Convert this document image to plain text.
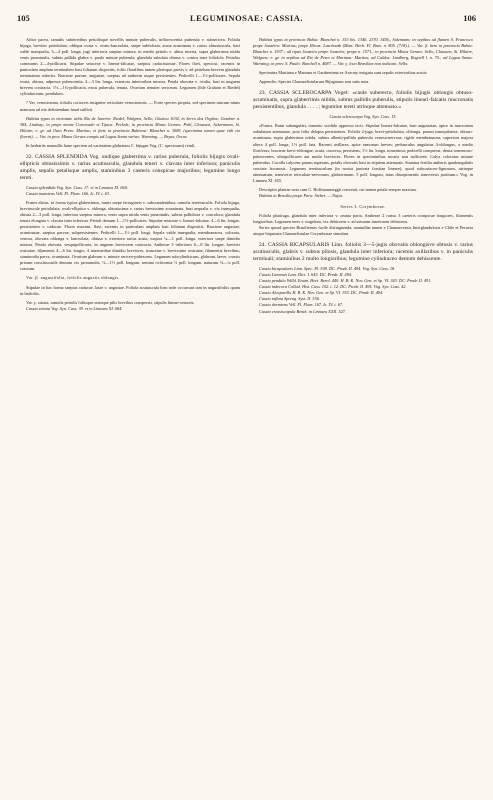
105	LEGUMINOSAE: CASSIA.	106

Arbor parva, ramulis subteretibus petiolisque novellis minute puberulis, inflorescentia puberula v. subsericea. Foliola bijuga, breviter petiolulata, obliqua ovata v. ovato-lanceolata, saepe subfalcata, acuta acuminata v. rarius obtusiuscula, basi valde inaequalia, 3—4 poll. longa, jugi inferioris saepius minora, in medio petiolo v. altius inserta, supra glaberrima nitida venis prominulis, subtus pallida glabra v. paulo minute puberula; glandula subulata obtusa v. conica inter foliolola. Petiolus communis 2—4-pollicaris. Stipulae setaceae v. lineari-falcatae, saepius caducissimae. Flores flavi, speciosi, racemis in paniculam amplam terminalem basi foliatam dispositis, foliis floralibus tamen plerisque parvis v. ad petiolum brevem glandula terminatum redactis. Bracteae parvae, angustae, saepius ad anthesin usque persistentes. Pedicelli 1—1½-pollicares. Sepala ovata, obtusa, adpresse pubescentia, 2—3 lin. longa, exteriora interioribus minora. Petala obovata v. ovalia, basi in unguem brevem contracta, 1½—1¾-pollicaria, extus puberula, tenuia. Ovarium tenuiter sericeum. Legumen (fide Graham et Riedel) cylindraceum, pendulum.

? Var. venosissima, foliolis coriaceis insigniter reticulato-venosissimis. — Forte species propria, sed specimen unicum nimis mancum ad rite definiendum haud sufficit.

Habitat typus in vicinitate urbis Rio de Janeiro: Riedel, Widgren, Sello, Glaziou 1034, in Serra dos Orgãos; Gardner n. 384, Lindsay; in prope monte Corcovado et Tijuca: Peckolt; in provincia Minas Geraes: Pohl, Claussen, Ackermann, St. Hilaire; e. gr. ad Ouro Preto: Martius; et forte in provincia Bahiensi: Blanchet n. 3085. (specimina tamen quae vidi vix florent). — Var. in prov. Minas Geraes campis ad Lagoa Santa varias: Warming. — Bryas, Orcas.

In herbariis nonnullis hane speciem ad varietatem glabratam C. bijugae Vog. (C. speciosam) retuli.

22. CASSIA SPLENDIDA Vog. undique glaberrima v. rarius puberula, foliolis bijugis ovali-ellipticis obtusissimis v. rarius acutiusculis, glandula teneri v. clavata inter inferiora; paniculis amplis, sepalis petalisque amplis, staminibus 3 casteris conspicue majoribus; legumine longo tereti.

Cassia splendida Vog. Syn. Cass. 17. et in Linnaea XI. 660.

Cassia mansiens Vell. Fl. Flum. 166. Ic. IV. t. 63.

Frutex elatus, in forma typica glaberrimus, ramis saepe ferrugineis v. subscandentibus, ramulis teretiusculis. Foliola bijuga, breviuscule petiolulata, ovali-elliptica v. oblonga, obtusissima v. rarius brevissime acuminata, basi aequalia v. vix inaequalia, obtusa 2—3 poll. longa, inferiora saepius minora, venis supra nitida venis prominulis, subtus pallidiora v. concolora; glandula tenuis elongata v. clavata inter inferiora. Petioli demum 1—1½-pollicares. Stipulae setaceae v. lineari-falcatae, 4—6 lin. longae, persistentes v. caducae. Flores maximi, flavi, racemis in paniculam amplam basi foliatam dispositis. Bracteae angustae, acuminatae, saepius parvae, subpersistentes. Pedicelli 1—1½ poll. longi. Sepala valde inaequalia, membranacea, colorata, venosa, obovata oblonga v. lanceolata, obtusa v. exteriora rarius acuta, majora ¼—1 poll. longa, exteriora saepe dimidio minora. Petala obovata, sesquipollicaria, in unguem breviorem contracta. Antherae 3 inferiores 6—8 lin. longae, breviter rostratae, filamentis 4—6 lin. longis; 4 intermediae dimidio breviores, truncatae v. brevissime rostratae, filamentis brevibus; staminodia parva, acuminata. Ovarium glabrum v. minute sericeo-pubescens. Legumen subcylindricum, glabrum, laeve, crassis prioum crassinscusile demum vix prominulis, ⅓—1½ poll. longum, semina oviformia ⅓ poll. longum, naturum ⅛—¼ poll. crassum.

Var. β. angustifolia, foliolis angustis oblongis.

Stipulae in hac forma saepius caducae, latae v. angustae. Foliola acutiuscula hinc inde occurrunt tam in angustifoliis quam in latifoliis.

Var. γ. striata, ramulis petiolis foliisque utrinque pilis brevibus conspersis, stipulis lineari-setaceis.

Cassia striata Vog. Syn. Cass. 39. et in Linnaea XI. 684.

Habitat typus in provincia Bahia: Blanchet n. 153 bis. 1346. 2370. 3456., Salzmann; in sepibus ad flumen S. Francisco prope Joazeiro: Martius; prope Ilheus: Luschnath (Mart. Herb. Fl. Bras. n. 805. (718).). — Var. β. item in provincia Bahia: Blanchet n. 1937.; ad ripas Joazeiro prope Joazeiro; prope n. 1571.; in provincia Minas Geraes: Sello, Claussen, St. Hilaire, Widgren; e. gr. in sepibus ad Rio de Petro et Mariana: Martius; ad Caldas: Lindberg, Regnell l. n. 70.; ad Lagoa Santa: Warming; in prov. S. Paulo: Burchell n. 4687. — Var. γ. loco Brasiliae non indicato: Sello.

Specimina Martiana e Mariana et Gardneriana ex Aracaty insignia sunt sepalis exterioribus acutis.

Appendix: Species Chamaefistularum Bijugarum non satis nota.

23. CASSIA SCLEROCARPA Vogel: «caule suberecto, foliolis bijugis oblongis obtuso-acuminatis, supra glaberrimis nitidis, subtus pallidis puberulis, stipulis lineari-falcatis mucronatis persistentibus, glandula . . . . ; legumine tereti utrinque attenuato.»

Cassia sclerocarpa Vog. Syn. Cass. 15.

«Frutex. Rami subangulati, tomento sordido appresso tecti. Stipulae lineari-falcatae, basi angustatae, apice in mucronem subulatum attenuatae, post folia delapsa persistentes. Foliola 2-juga, brevi-petiolulata, oblonga, parum inaequilatera, obtuso-acuminata, supra glaberrima nitida, subtus albenti-pallida puberula venosa-nervosa, rigide membranacea, superiora majora altera 4 poll. longa, 1½ poll. lata. Racemi axillares, apice ramorum breves; pedunculus angulatus 4-oblongus, a medio floriferus; bracteae brevi-oblongae, acuta, convexa, persistens, 1½ lin. longa, tomentosa; pedicelli compressi, densa tomentoso-pubescentes, ultrapollicares aut multo breviores. Flores in speciminibus nostris non sufficient. Calyx coloratus minute puberulus. Corolla calycem parum superans, petalis obovatis basi in stipitem attenuatis. Stamina fertilia antheris quadrangulatis cruciate lacunosis. Legumen teretiusculum (in nostra junioria forsitan lineare), quod subcoriaceo-lignosum, utrinque attenuatum, transverse reticulato-nervosum, glaberrimum, 5 poll. longum, intus dissepimentis transversis partitum.» Vog. in Linnaea XI. 655.

Descriptio plantae nota cum C. Hoffmannseggii convenit, cui tamen petala semper maxima.

Habitat in Brasilia prope Para: Sieber. — Najas.

Series 3. Corymbosae.

Foliola pluriiuga, glandula inter inferiora v. omnia paria. Antherae 2 rarius 3 caeteris conspicue longiores, filamentis longioribus. Legumen teres v. turgidum, vix dehiscens v. ad suturam interiorem dehiscens.

Series quoad species Brasilienses facile distinguenda, nonnullae tamen e Chamaecensis Interglandulosis e Chile et Peruvia atoque biquinaia Chamaefistulae Corymbosae simulant.

24. CASSIA BICAPSULARIS Linn. foliolis 3—5-jugis obovatis oblongisve obtusis v. rarius acutiusculis, glabris v. subtus pilosis, glandula inter inferiora; racemis axillaribus v. in paniculis terminali; staminibus 2 multo longioribus; legumine cylindraceo demum dehiscente.

Cassia bicapsularis Linn. Spec. Pl. 538. DC. Prodr. II. 494. Vog. Syn. Cass. 18.

Cassia Limensis Lam. Dict. I. 643. DC. Prodr. II. 494.

Cassia pendula Willd. Enum. Hort. Berol. 440. H. B. K. Nov. Gen. et Sp. VI. 343. DC. Prodr. II. 491.

Cassia indecora Collad. Hist. Cass. 102. t. 12. DC. Prodr. II. 495. Vog. Syn. Cass. 42.

Cassia Alcaparillo H. B. K. Nov. Gen. et Sp. VI. 355. DC. Prodr. II. 494.

Cassia inflata Spreng. Syst. II. 336.

Cassia dormiens Vell. Fl. Flum. 167. Ic. IV. t. 67.

Cassia crassiscapula Benth. in Linnaea XXII. 527.
